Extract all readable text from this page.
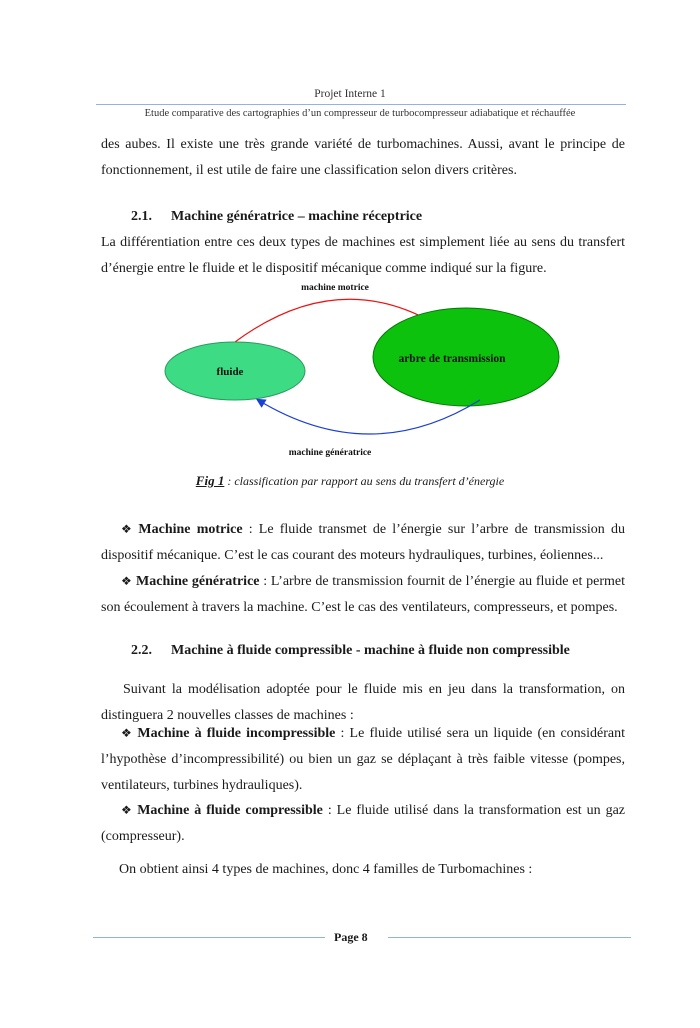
Projet Interne 1
Etude comparative des cartographies d’un compresseur de turbocompresseur adiabatique et réchauffée
des aubes. Il existe une très grande variété de turbomachines. Aussi, avant le principe de fonctionnement, il est utile de faire une classification selon divers critères.
2.1. Machine génératrice – machine réceptrice
La différentiation entre ces deux types de machines est simplement liée au sens du transfert d’énergie entre le fluide et le dispositif mécanique comme indiqué sur la figure.
machine motrice
fluide
arbre de transmission
machine génératrice
Fig 1 : classification par rapport au sens du transfert d’énergie
❖ Machine motrice : Le fluide transmet de l’énergie sur l’arbre de transmission du dispositif mécanique. C’est le cas courant des moteurs hydrauliques, turbines, éoliennes...
❖ Machine génératrice : L’arbre de transmission fournit de l’énergie au fluide et permet son écoulement à travers la machine. C’est le cas des ventilateurs, compresseurs, et pompes.
2.2. Machine à fluide compressible - machine à fluide non compressible
Suivant la modélisation adoptée pour le fluide mis en jeu dans la transformation, on distinguera 2 nouvelles classes de machines :
❖ Machine à fluide incompressible : Le fluide utilisé sera un liquide (en considérant l’hypothèse d’incompressibilité) ou bien un gaz se déplaçant à très faible vitesse (pompes, ventilateurs, turbines hydrauliques).
❖ Machine à fluide compressible : Le fluide utilisé dans la transformation est un gaz (compresseur).
On obtient ainsi 4 types de machines, donc 4 familles de Turbomachines :
Page 8
